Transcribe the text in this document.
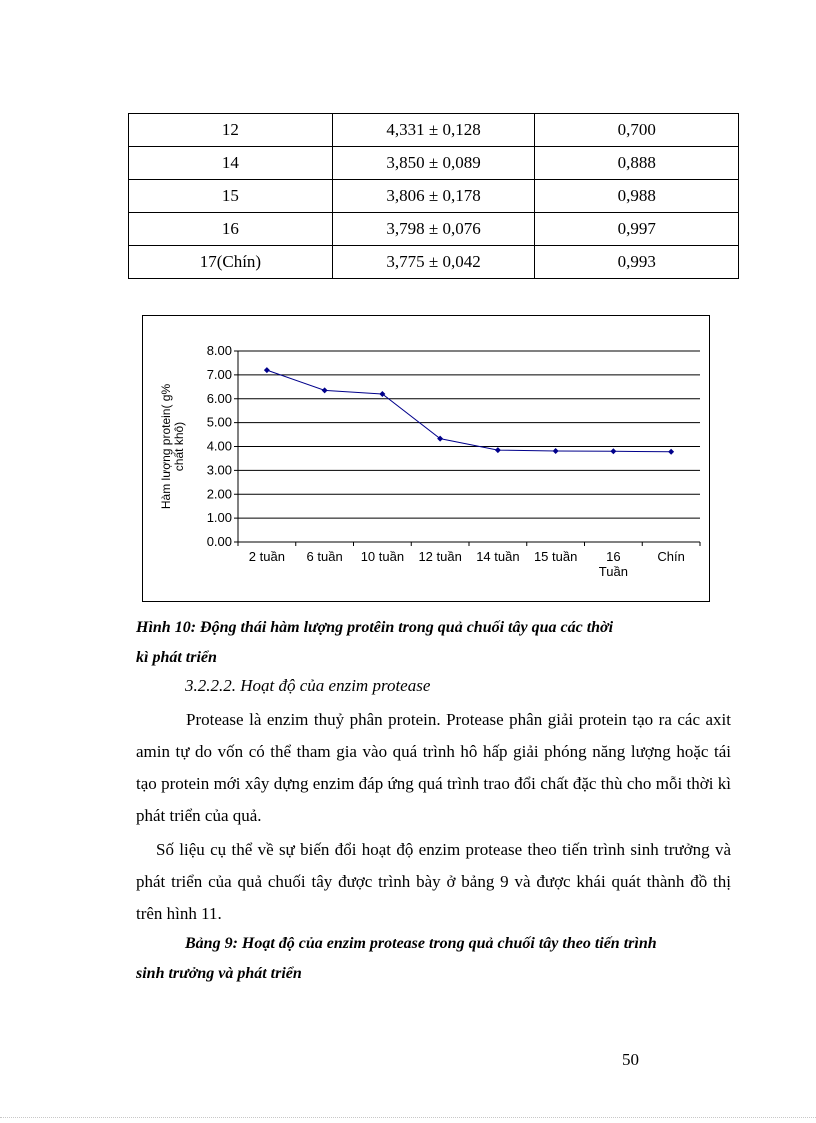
12	4,331 ± 0,128	0,700
14	3,850 ± 0,089	0,888
15	3,806 ± 0,178	0,988
16	3,798 ± 0,076	0,997
17(Chín)	3,775 ± 0,042	0,993
0.00
1.00
2.00
3.00
4.00
5.00
6.00
7.00
8.00
2 tuần 6 tuần 10 tuần 12 tuần 14 tuần 15 tuần 16
Tuần
Chín
Hàm lượng protein( g% chất khô)

Hình 10: Động thái hàm lượng protêin trong quả chuối tây qua các thời

kì phát triển

3.2.2.2. Hoạt độ của enzim protease

Protease là enzim thuỷ phân protein. Protease phân giải protein tạo ra các axit amin tự do vốn có thể tham gia vào quá trình hô hấp giải phóng năng lượng hoặc tái tạo protein mới xây dựng enzim đáp ứng quá trình trao đổi chất đặc thù cho mỗi thời kì phát triển của quả.

Số liệu cụ thể về sự biến đổi hoạt độ enzim protease theo tiến trình sinh trưởng và phát triển của quả chuối tây được trình bày ở bảng 9 và được khái quát thành đồ thị trên hình 11.

Bảng 9: Hoạt độ của enzim protease trong quả chuối tây theo tiến trình

sinh trưởng và phát triển

50
